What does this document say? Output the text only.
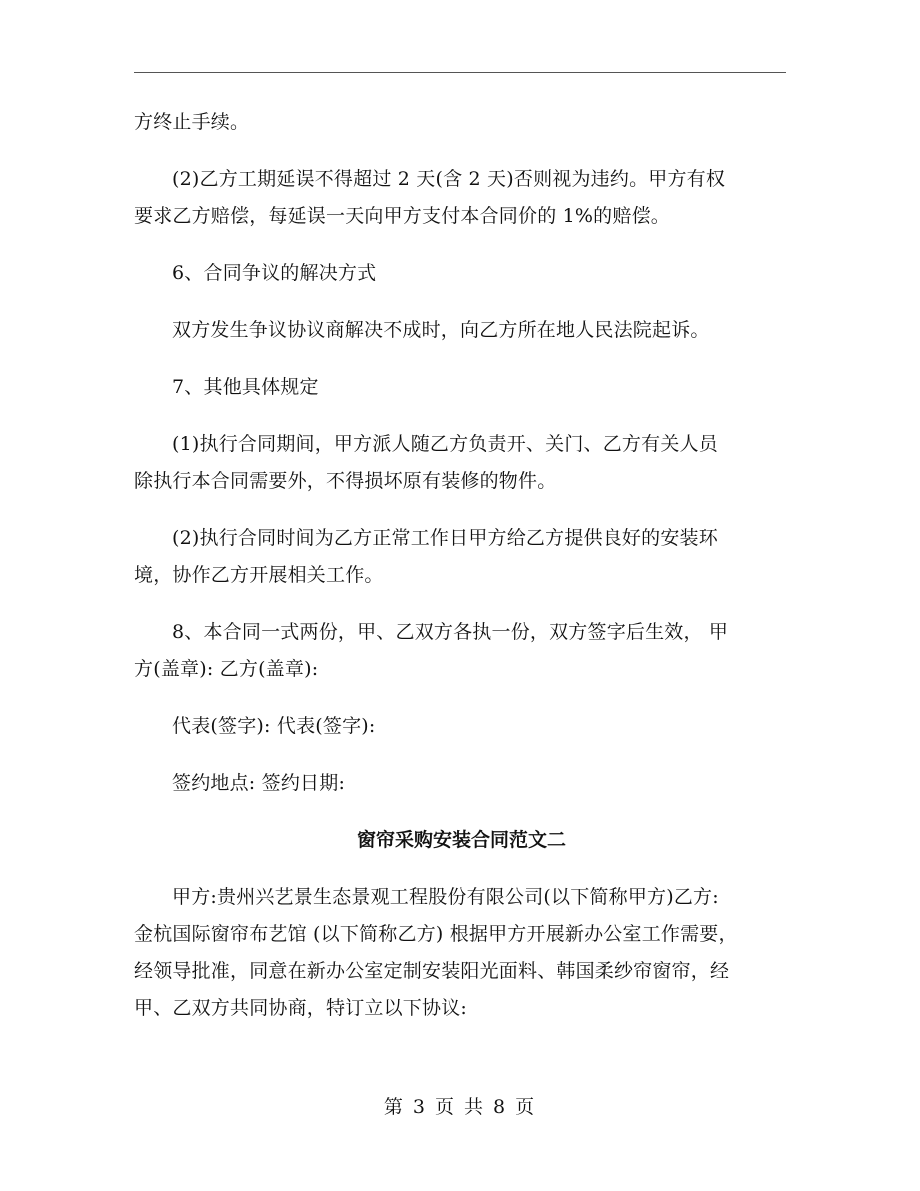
方终止手续。
(2)乙方工期延误不得超过 2 天(含 2 天)否则视为违约。甲方有权
要求乙方赔偿，每延误一天向甲方支付本合同价的 1%的赔偿。
6、合同争议的解决方式
双方发生争议协议商解决不成时，向乙方所在地人民法院起诉。
7、其他具体规定
(1)执行合同期间，甲方派人随乙方负责开、关门、乙方有关人员
除执行本合同需要外，不得损坏原有装修的物件。
(2)执行合同时间为乙方正常工作日甲方给乙方提供良好的安装环
境，协作乙方开展相关工作。
8、本合同一式两份，甲、乙双方各执一份，双方签字后生效， 甲
方(盖章): 乙方(盖章):
代表(签字): 代表(签字):
签约地点: 签约日期:
窗帘采购安装合同范文二
甲方:贵州兴艺景生态景观工程股份有限公司(以下简称甲方)乙方:
金杭国际窗帘布艺馆 (以下简称乙方) 根据甲方开展新办公室工作需要，
经领导批准，同意在新办公室定制安装阳光面料、韩国柔纱帘窗帘，经
甲、乙双方共同协商，特订立以下协议:
第 3 页 共 8 页
